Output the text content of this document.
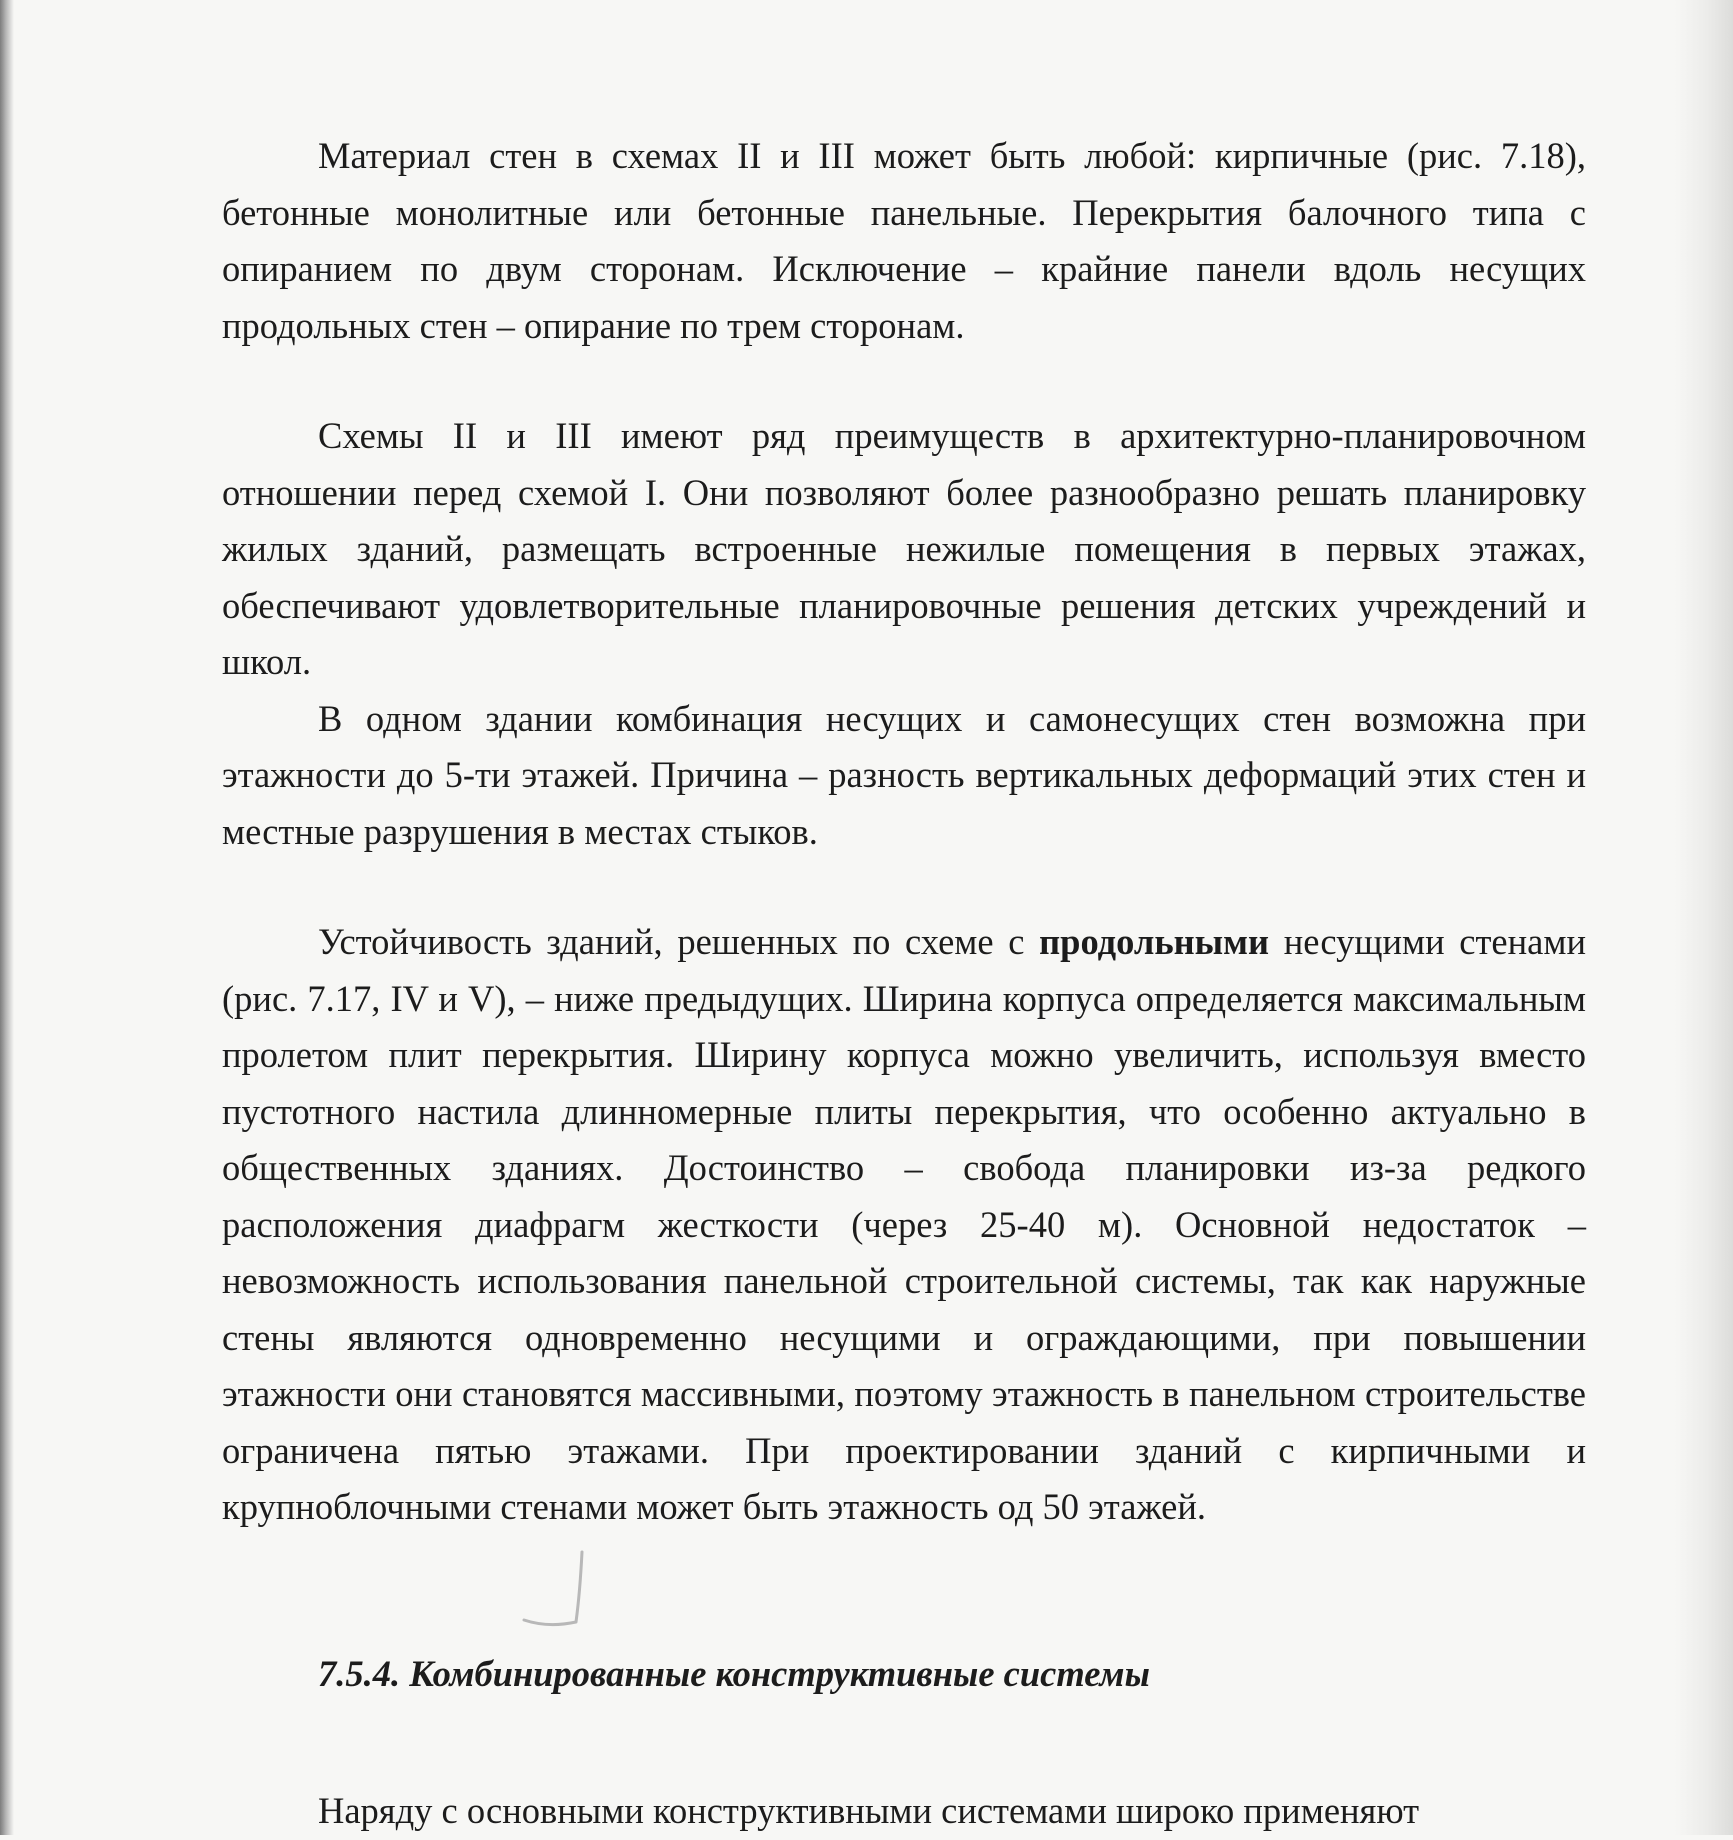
Материал стен в схемах II и III может быть любой: кирпичные (рис. 7.18), бетонные монолитные или бетонные панельные. Перекрытия балочного типа с опиранием по двум сторонам. Исключение – крайние панели вдоль несущих продольных стен – опирание по трем сторонам.

Схемы II и III имеют ряд преимуществ в архитектурно-планировочном отношении перед схемой I. Они позволяют более разнообразно решать планировку жилых зданий, размещать встроенные нежилые помещения в первых этажах, обеспечивают удовлетворительные планировочные решения детских учреждений и школ.

В одном здании комбинация несущих и самонесущих стен возможна при этажности до 5-ти этажей. Причина – разность вертикальных деформаций этих стен и местные разрушения в местах стыков.

Устойчивость зданий, решенных по схеме с продольными несущими стенами (рис. 7.17, IV и V), – ниже предыдущих. Ширина корпуса определяется максимальным пролетом плит перекрытия. Ширину корпуса можно увеличить, используя вместо пустотного настила длинномерные плиты перекрытия, что особенно актуально в общественных зданиях. Достоинство – свобода планировки из-за редкого расположения диафрагм жесткости (через 25-40 м). Основной недостаток – невозможность использования панельной строительной системы, так как наружные стены являются одновременно несущими и ограждающими, при повышении этажности они становятся массивными, поэтому этажность в панельном строительстве ограничена пятью этажами. При проектировании зданий с кирпичными и крупноблочными стенами может быть этажность од 50 этажей.

7.5.4. Комбинированные конструктивные системы

Наряду с основными конструктивными системами широко применяют
